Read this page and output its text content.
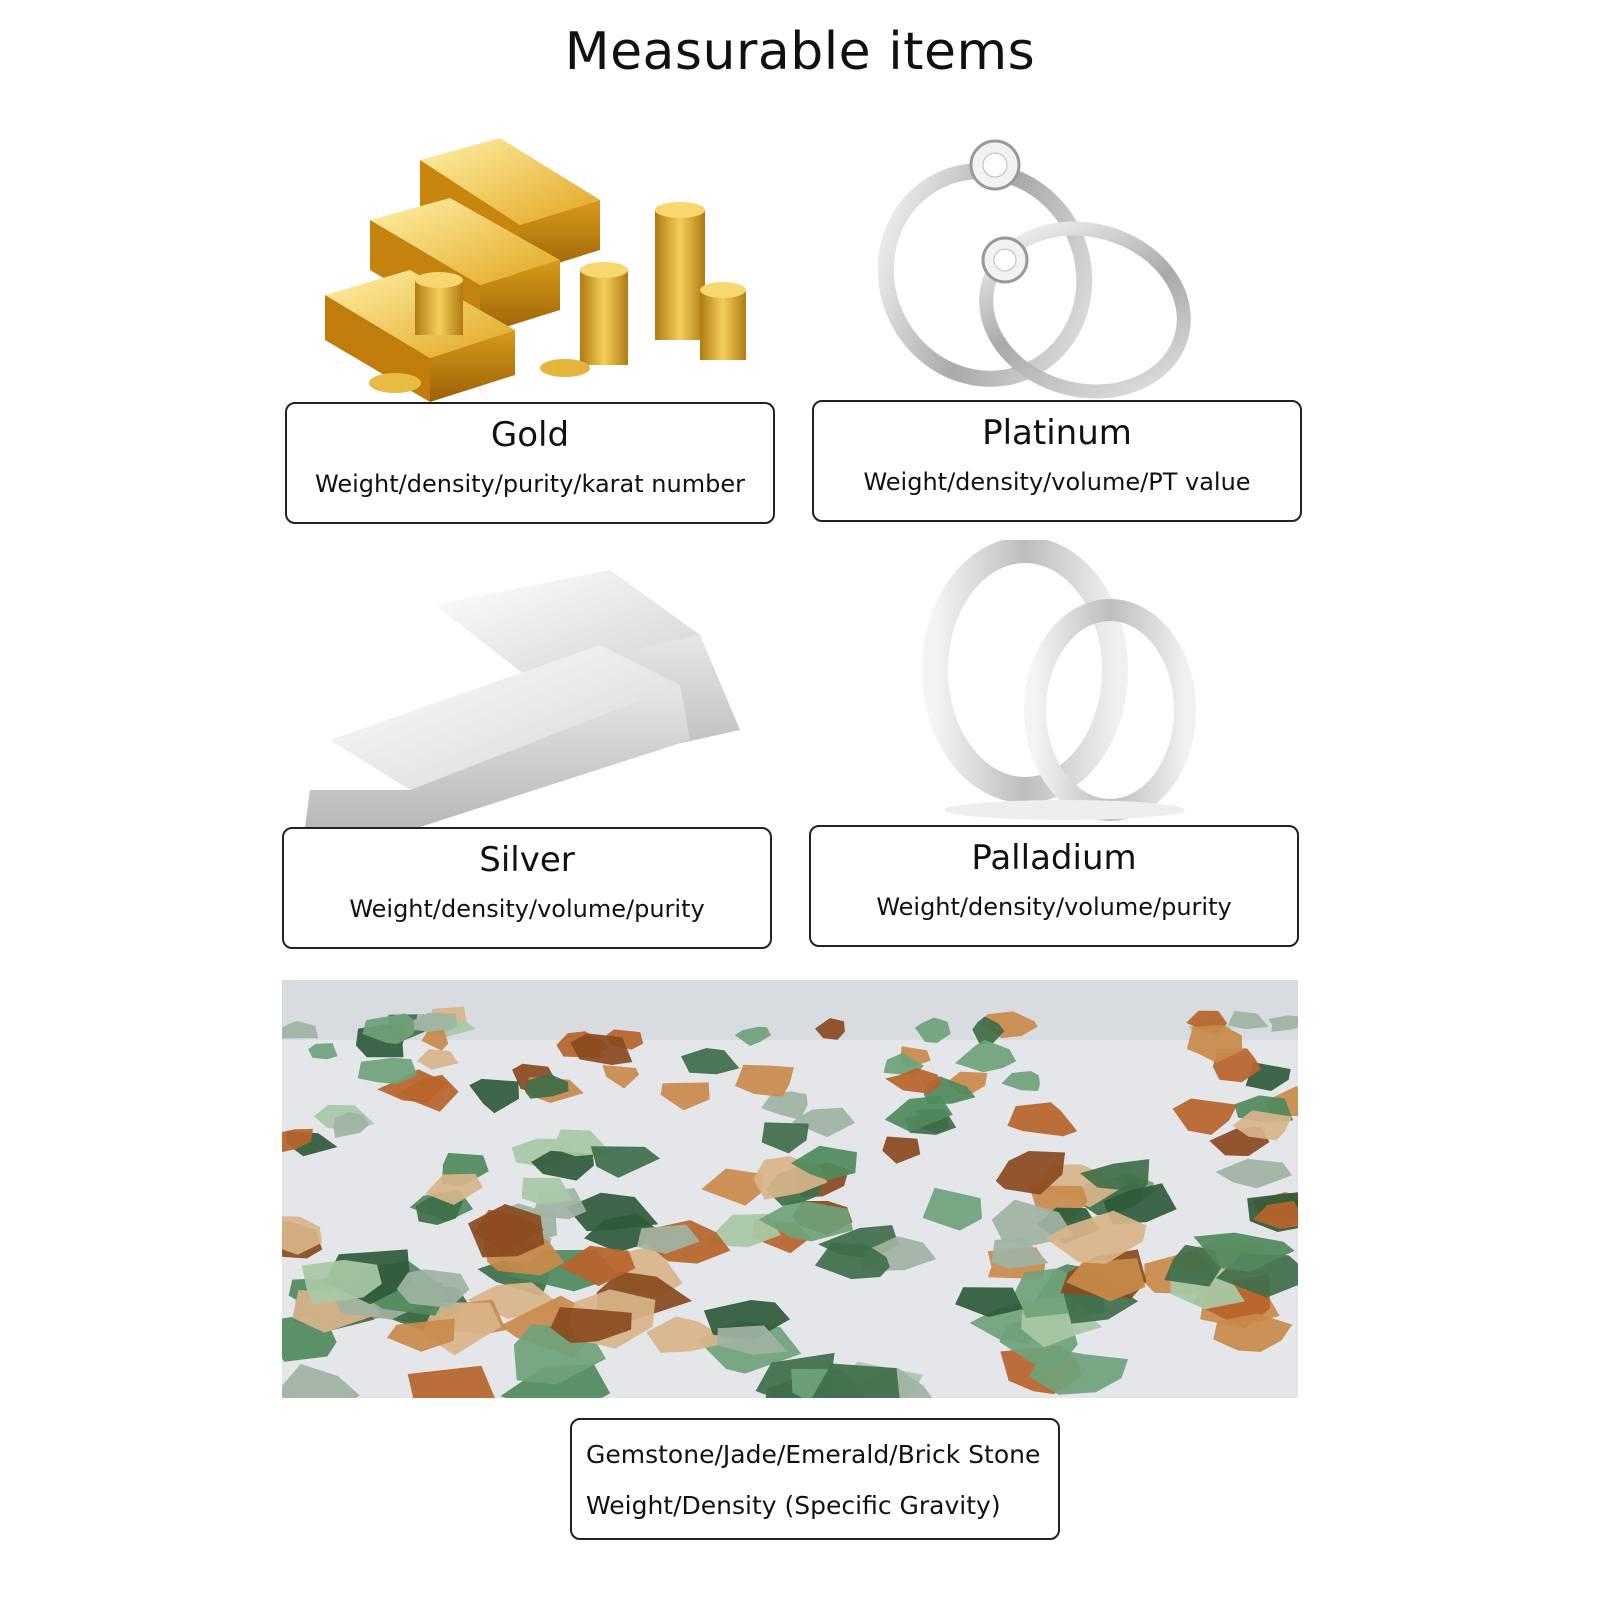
Measurable items
Gold
Weight/density/purity/karat number
Platinum
Weight/density/volume/PT value
Silver
Weight/density/volume/purity
Palladium
Weight/density/volume/purity
Gemstone/Jade/Emerald/Brick Stone
Weight/Density (Specific Gravity)
